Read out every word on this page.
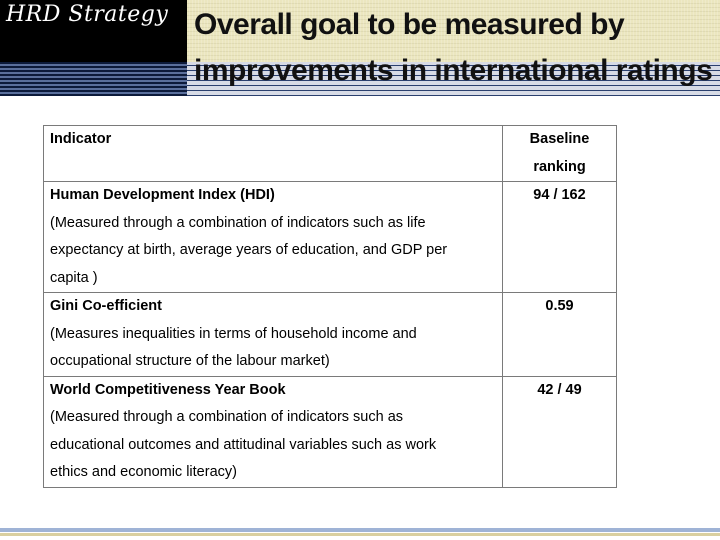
HRD Strategy Overall goal to be measured by
improvements in international ratings
Indicator	Baseline
ranking

Human Development Index (HDI)
(Measured through a combination of indicators such as life
expectancy at birth, average years of education, and GDP per
capita )	94 / 162

Gini Co-efficient
(Measures inequalities in terms of household income and
occupational structure of the labour market)	0.59

World Competitiveness Year Book
(Measured through a combination of indicators such as
educational outcomes and attitudinal variables such as work
ethics and economic literacy)	42 / 49
